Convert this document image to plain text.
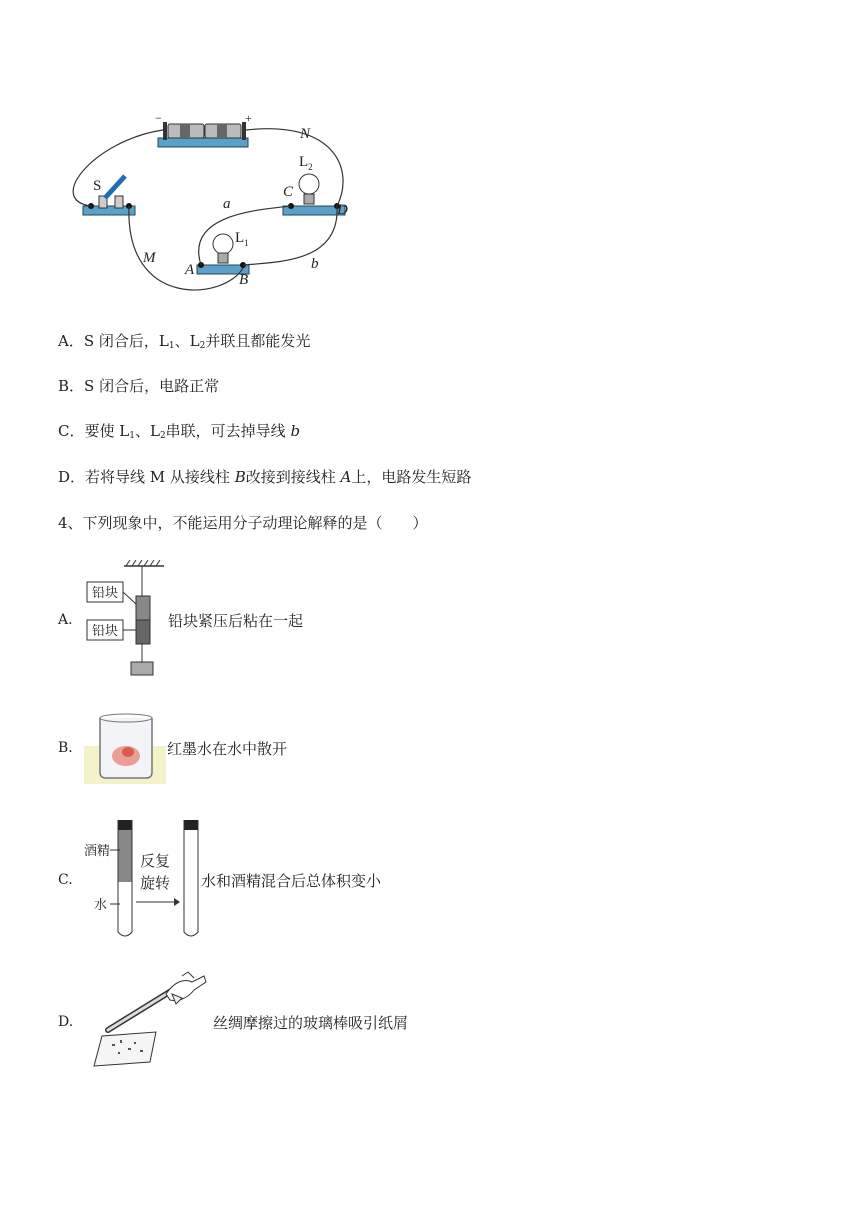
−	+
N
S
$L_2$
C
D
$L_1$
A
B
a
b
M
A．S 闭合后，$L_1$、$L_2$并联且都能发光
B．S 闭合后，电路正常
C．要使 $L_1$、$L_2$串联，可去掉导线 b
D．若将导线 M 从接线柱 B改接到接线柱 A上，电路发生短路
4、下列现象中，不能运用分子动理论解释的是（　　）
A.
铅块
铅块
铅块紧压后粘在一起
B.	红墨水在水中散开
C.
酒精
水
反复
旋转 水和酒精混合后总体积变小
D.	丝绸摩擦过的玻璃棒吸引纸屑
